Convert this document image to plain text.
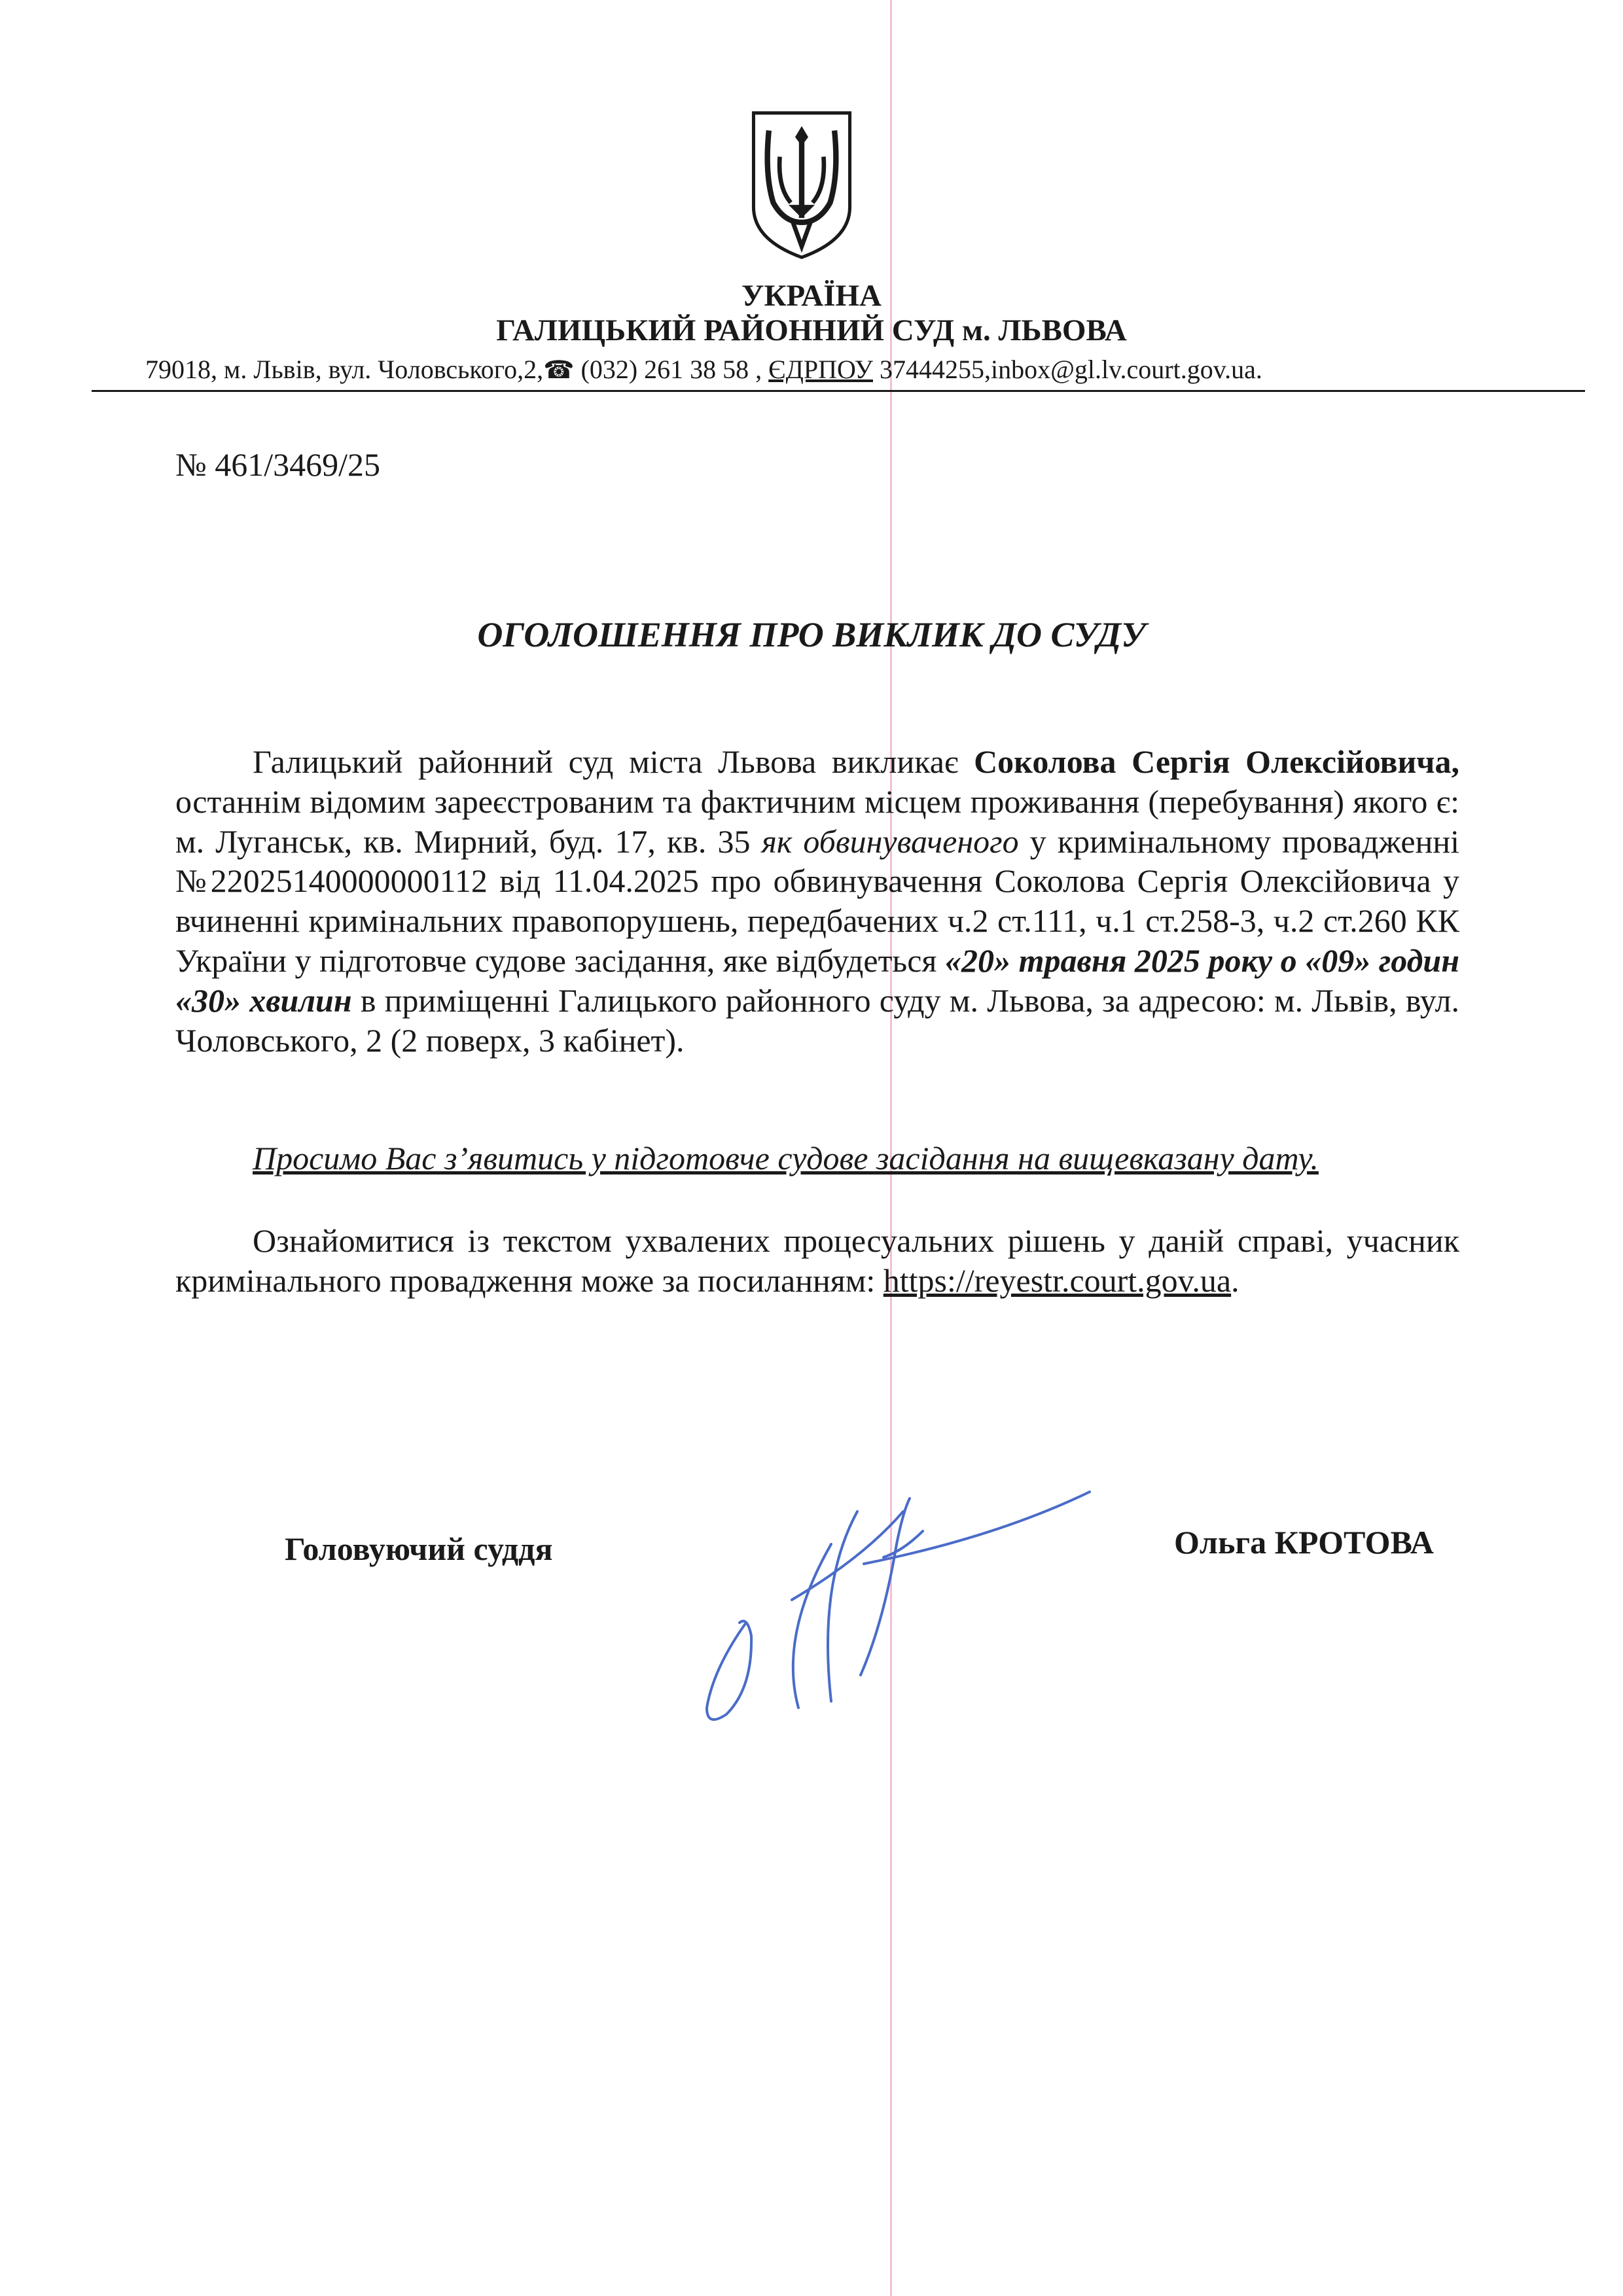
УКРАЇНА
ГАЛИЦЬКИЙ РАЙОННИЙ СУД м. ЛЬВОВА
79018, м. Львів, вул. Чоловського,2,☎ (032) 261 38 58 , ЄДРПОУ 37444255,inbox@gl.lv.court.gov.ua.
№ 461/3469/25
ОГОЛОШЕННЯ ПРО ВИКЛИК ДО СУДУ

Галицький районний суд міста Львова викликає Соколова Сергія Олексійовича, останнім відомим зареєстрованим та фактичним місцем проживання (перебування) якого є: м. Луганськ, кв. Мирний, буд. 17, кв. 35 як обвинуваченого у кримінальному провадженні №22025140000000112 від 11.04.2025 про обвинувачення Соколова Сергія Олексійовича у вчиненні кримінальних правопорушень, передбачених ч.2 ст.111, ч.1 ст.258-3, ч.2 ст.260 КК України у підготовче судове засідання, яке відбудеться «20» травня 2025 року о «09» годин «30» хвилин в приміщенні Галицького районного суду м. Львова, за адресою: м. Львів, вул. Чоловського, 2 (2 поверх, 3 кабінет).

Просимо Вас з’явитись у підготовче судове засідання на вищевказану дату.

Ознайомитися із текстом ухвалених процесуальних рішень у даній справі, учасник кримінального провадження може за посиланням: https://reyestr.court.gov.ua.

Головуючий суддя	Ольга КРОТОВА
